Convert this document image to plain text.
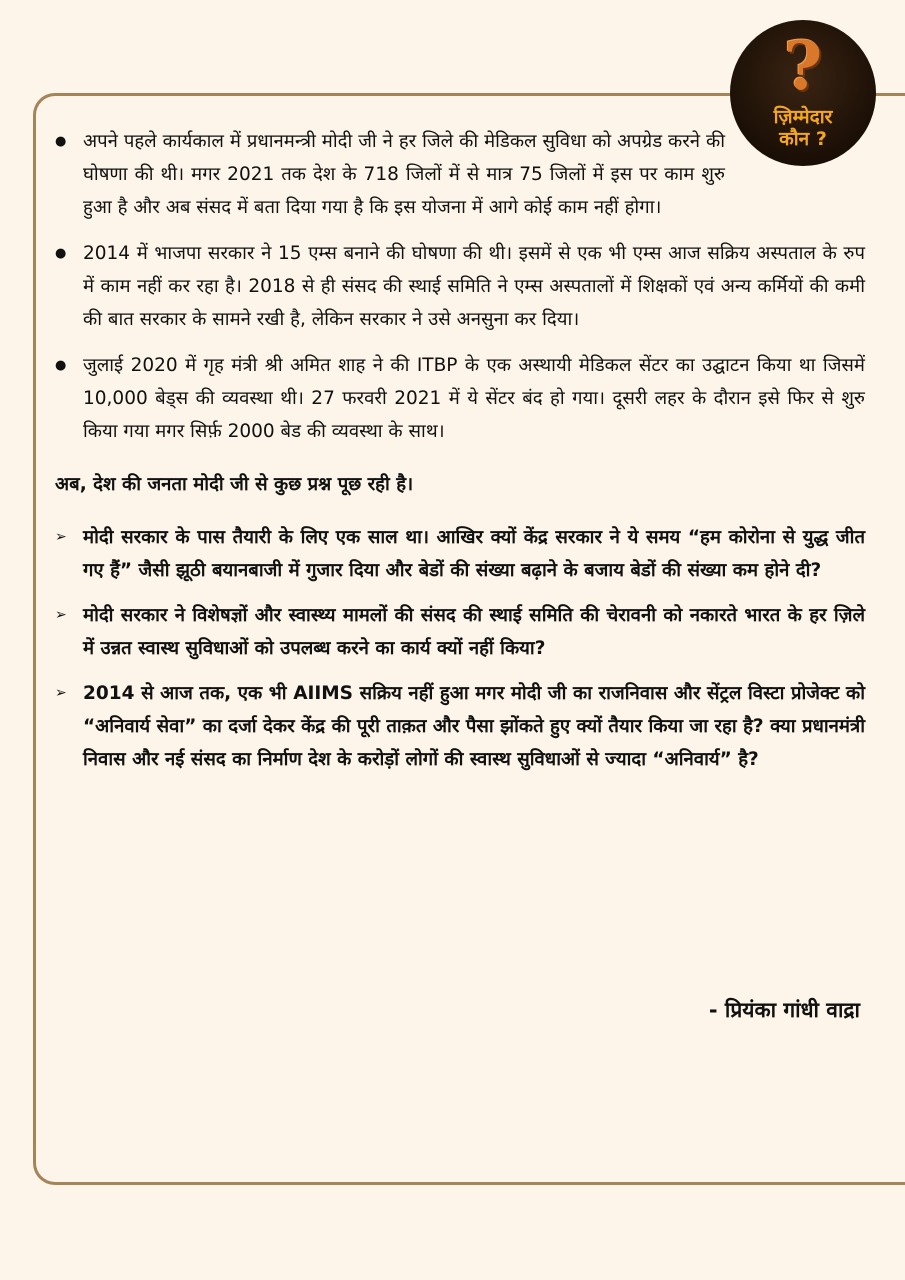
?
ज़िम्मेदार
कौन ?
● अपने पहले कार्यकाल में प्रधानमन्त्री मोदी जी ने हर जिले की मेडिकल सुविधा को अपग्रेड करने की घोषणा की थी। मगर 2021 तक देश के 718 जिलों में से मात्र 75 जिलों में इस पर काम शुरु हुआ है और अब संसद में बता दिया गया है कि इस योजना में आगे कोई काम नहीं होगा।
● 2014 में भाजपा सरकार ने 15 एम्स बनाने की घोषणा की थी। इसमें से एक भी एम्स आज सक्रिय अस्पताल के रुप में काम नहीं कर रहा है। 2018 से ही संसद की स्थाई समिति ने एम्स अस्पतालों में शिक्षकों एवं अन्य कर्मियों की कमी की बात सरकार के सामने रखी है, लेकिन सरकार ने उसे अनसुना कर दिया।
● जुलाई 2020 में गृह मंत्री श्री अमित शाह ने की ITBP के एक अस्थायी मेडिकल सेंटर का उद्घाटन किया था जिसमें 10,000 बेड्स की व्यवस्था थी। 27 फरवरी 2021 में ये सेंटर बंद हो गया। दूसरी लहर के दौरान इसे फिर से शुरु किया गया मगर सिर्फ़ 2000 बेड की व्यवस्था के साथ।
अब, देश की जनता मोदी जी से कुछ प्रश्न पूछ रही है।
➢ मोदी सरकार के पास तैयारी के लिए एक साल था। आखिर क्यों केंद्र सरकार ने ये समय “हम कोरोना से युद्ध जीत गए हैं” जैसी झूठी बयानबाजी में गुजार दिया और बेडों की संख्या बढ़ाने के बजाय बेडों की संख्या कम होने दी?
➢ मोदी सरकार ने विशेषज्ञों और स्वास्थ्य मामलों की संसद की स्थाई समिति की चेरावनी को नकारते भारत के हर ज़िले में उन्नत स्वास्थ सुविधाओं को उपलब्ध करने का कार्य क्यों नहीं किया?
➢ 2014 से आज तक, एक भी AIIMS सक्रिय नहीं हुआ मगर मोदी जी का राजनिवास और सेंट्रल विस्टा प्रोजेक्ट को “अनिवार्य सेवा” का दर्जा देकर केंद्र की पूरी ताक़त और पैसा झोंकते हुए क्यों तैयार किया जा रहा है? क्या प्रधानमंत्री निवास और नई संसद का निर्माण देश के करोड़ों लोगों की स्वास्थ सुविधाओं से ज्यादा “अनिवार्य” है?
- प्रियंका गांधी वाद्रा
